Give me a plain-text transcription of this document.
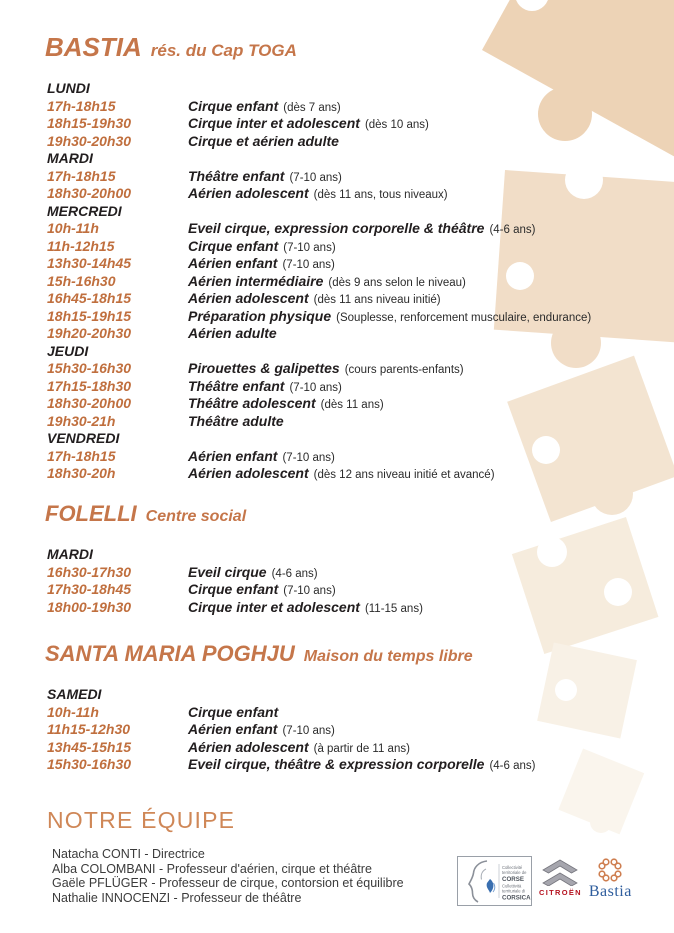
BASTIA rés. du Cap TOGA
LUNDI
17h-18h15	Cirque enfant (dès 7 ans)
18h15-19h30	Cirque inter et adolescent (dès 10 ans)
19h30-20h30	Cirque et aérien adulte
MARDI
17h-18h15	Théâtre enfant (7-10 ans)
18h30-20h00	Aérien adolescent (dès 11 ans, tous niveaux)
MERCREDI
10h-11h	Eveil cirque, expression corporelle & théâtre (4-6 ans)
11h-12h15	Cirque enfant (7-10 ans)
13h30-14h45	Aérien enfant (7-10 ans)
15h-16h30	Aérien intermédiaire (dès 9 ans selon le niveau)
16h45-18h15	Aérien adolescent (dès 11 ans niveau initié)
18h15-19h15	Préparation physique (Souplesse, renforcement musculaire, endurance)
19h20-20h30	Aérien adulte
JEUDI
15h30-16h30	Pirouettes & galipettes (cours parents-enfants)
17h15-18h30	Théâtre enfant (7-10 ans)
18h30-20h00	Théâtre adolescent (dès 11 ans)
19h30-21h	Théâtre adulte
VENDREDI
17h-18h15	Aérien enfant (7-10 ans)
18h30-20h	Aérien adolescent (dès 12 ans niveau initié et avancé)
FOLELLI Centre social
MARDI
16h30-17h30	Eveil cirque (4-6 ans)
17h30-18h45	Cirque enfant (7-10 ans)
18h00-19h30	Cirque inter et adolescent (11-15 ans)
SANTA MARIA POGHJU Maison du temps libre
SAMEDI
10h-11h	Cirque enfant
11h15-12h30	Aérien enfant (7-10 ans)
13h45-15h15	Aérien adolescent (à partir de 11 ans)
15h30-16h30	Eveil cirque, théâtre & expression corporelle (4-6 ans)
NOTRE ÉQUIPE
Natacha CONTI - Directrice
Alba COLOMBANI - Professeur d'aérien, cirque et théâtre
Gaële PFLÜGER - Professeur de cirque, contorsion et équilibre
Nathalie INNOCENZI - Professeur de théâtre
Collectivité
territoriale de
CORSE
Cullettività
territuriale di
CORSICA
CITROËN Bastia
